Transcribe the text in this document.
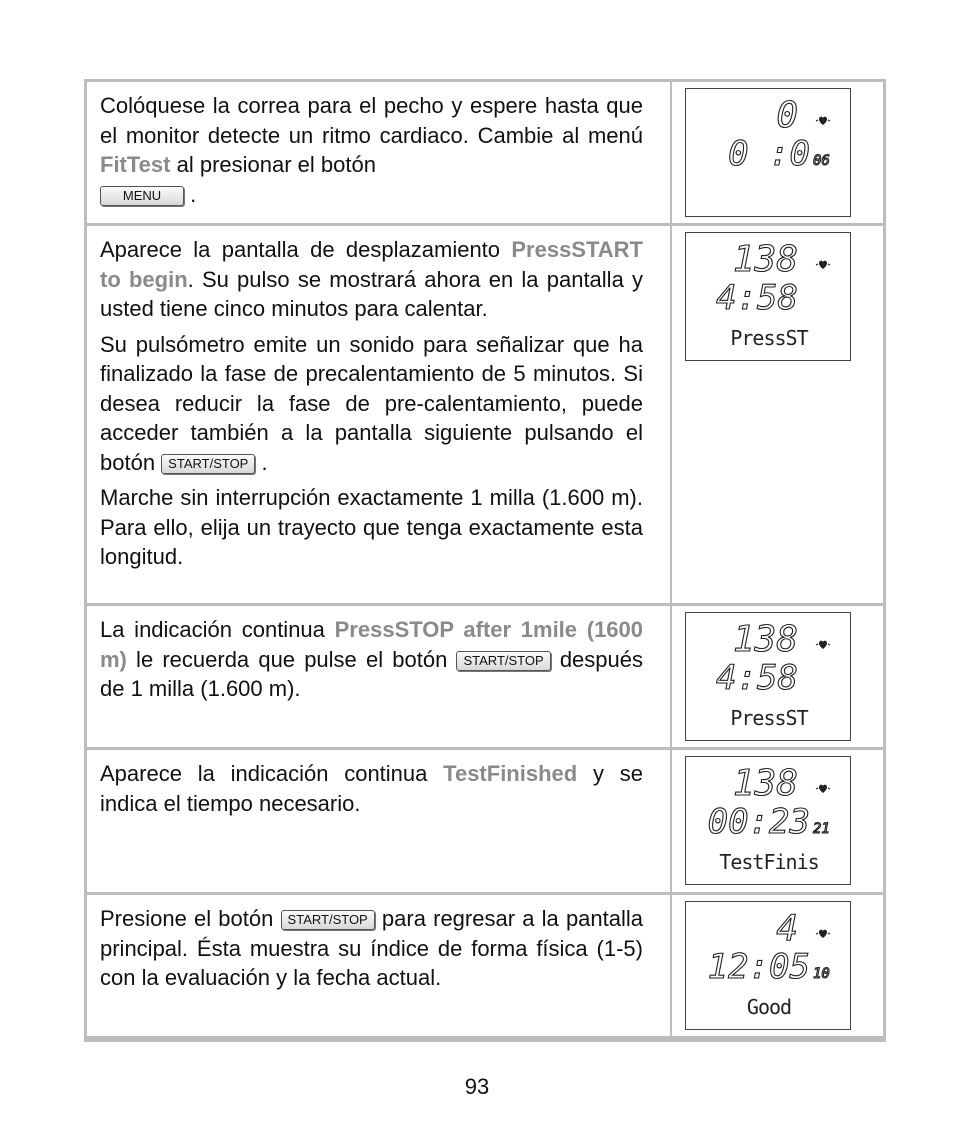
Colóquese la correa para el pecho y espere hasta que el monitor detecte un ritmo cardiaco. Cambie al menú FitTest al presionar el botón
MENU .

0
0 :0 06

Aparece la pantalla de desplazamiento PressSTART to begin. Su pulso se mostrará ahora en la pantalla y usted tiene cinco minutos para calentar.

Su pulsómetro emite un sonido para señalizar que ha finalizado la fase de precalentamiento de 5 minutos. Si desea reducir la fase de pre-calentamiento, puede acceder también a la pantalla siguiente pulsando el botón START/STOP .

Marche sin interrupción exactamente 1 milla (1.600 m). Para ello, elija un trayecto que tenga exactamente esta longitud.

138
4:58
PressST

La indicación continua PressSTOP after 1mile (1600 m) le recuerda que pulse el botón START/STOP después de 1 milla (1.600 m).

138
4:58
PressST

Aparece la indicación continua TestFinished y se indica el tiempo necesario.	138
00:23 21
TestFinis

Presione el botón START/STOP para regresar a la pantalla principal. Ésta muestra su índice de forma física (1-5) con la evaluación y la fecha actual.

4
12:05 10
Good
93
